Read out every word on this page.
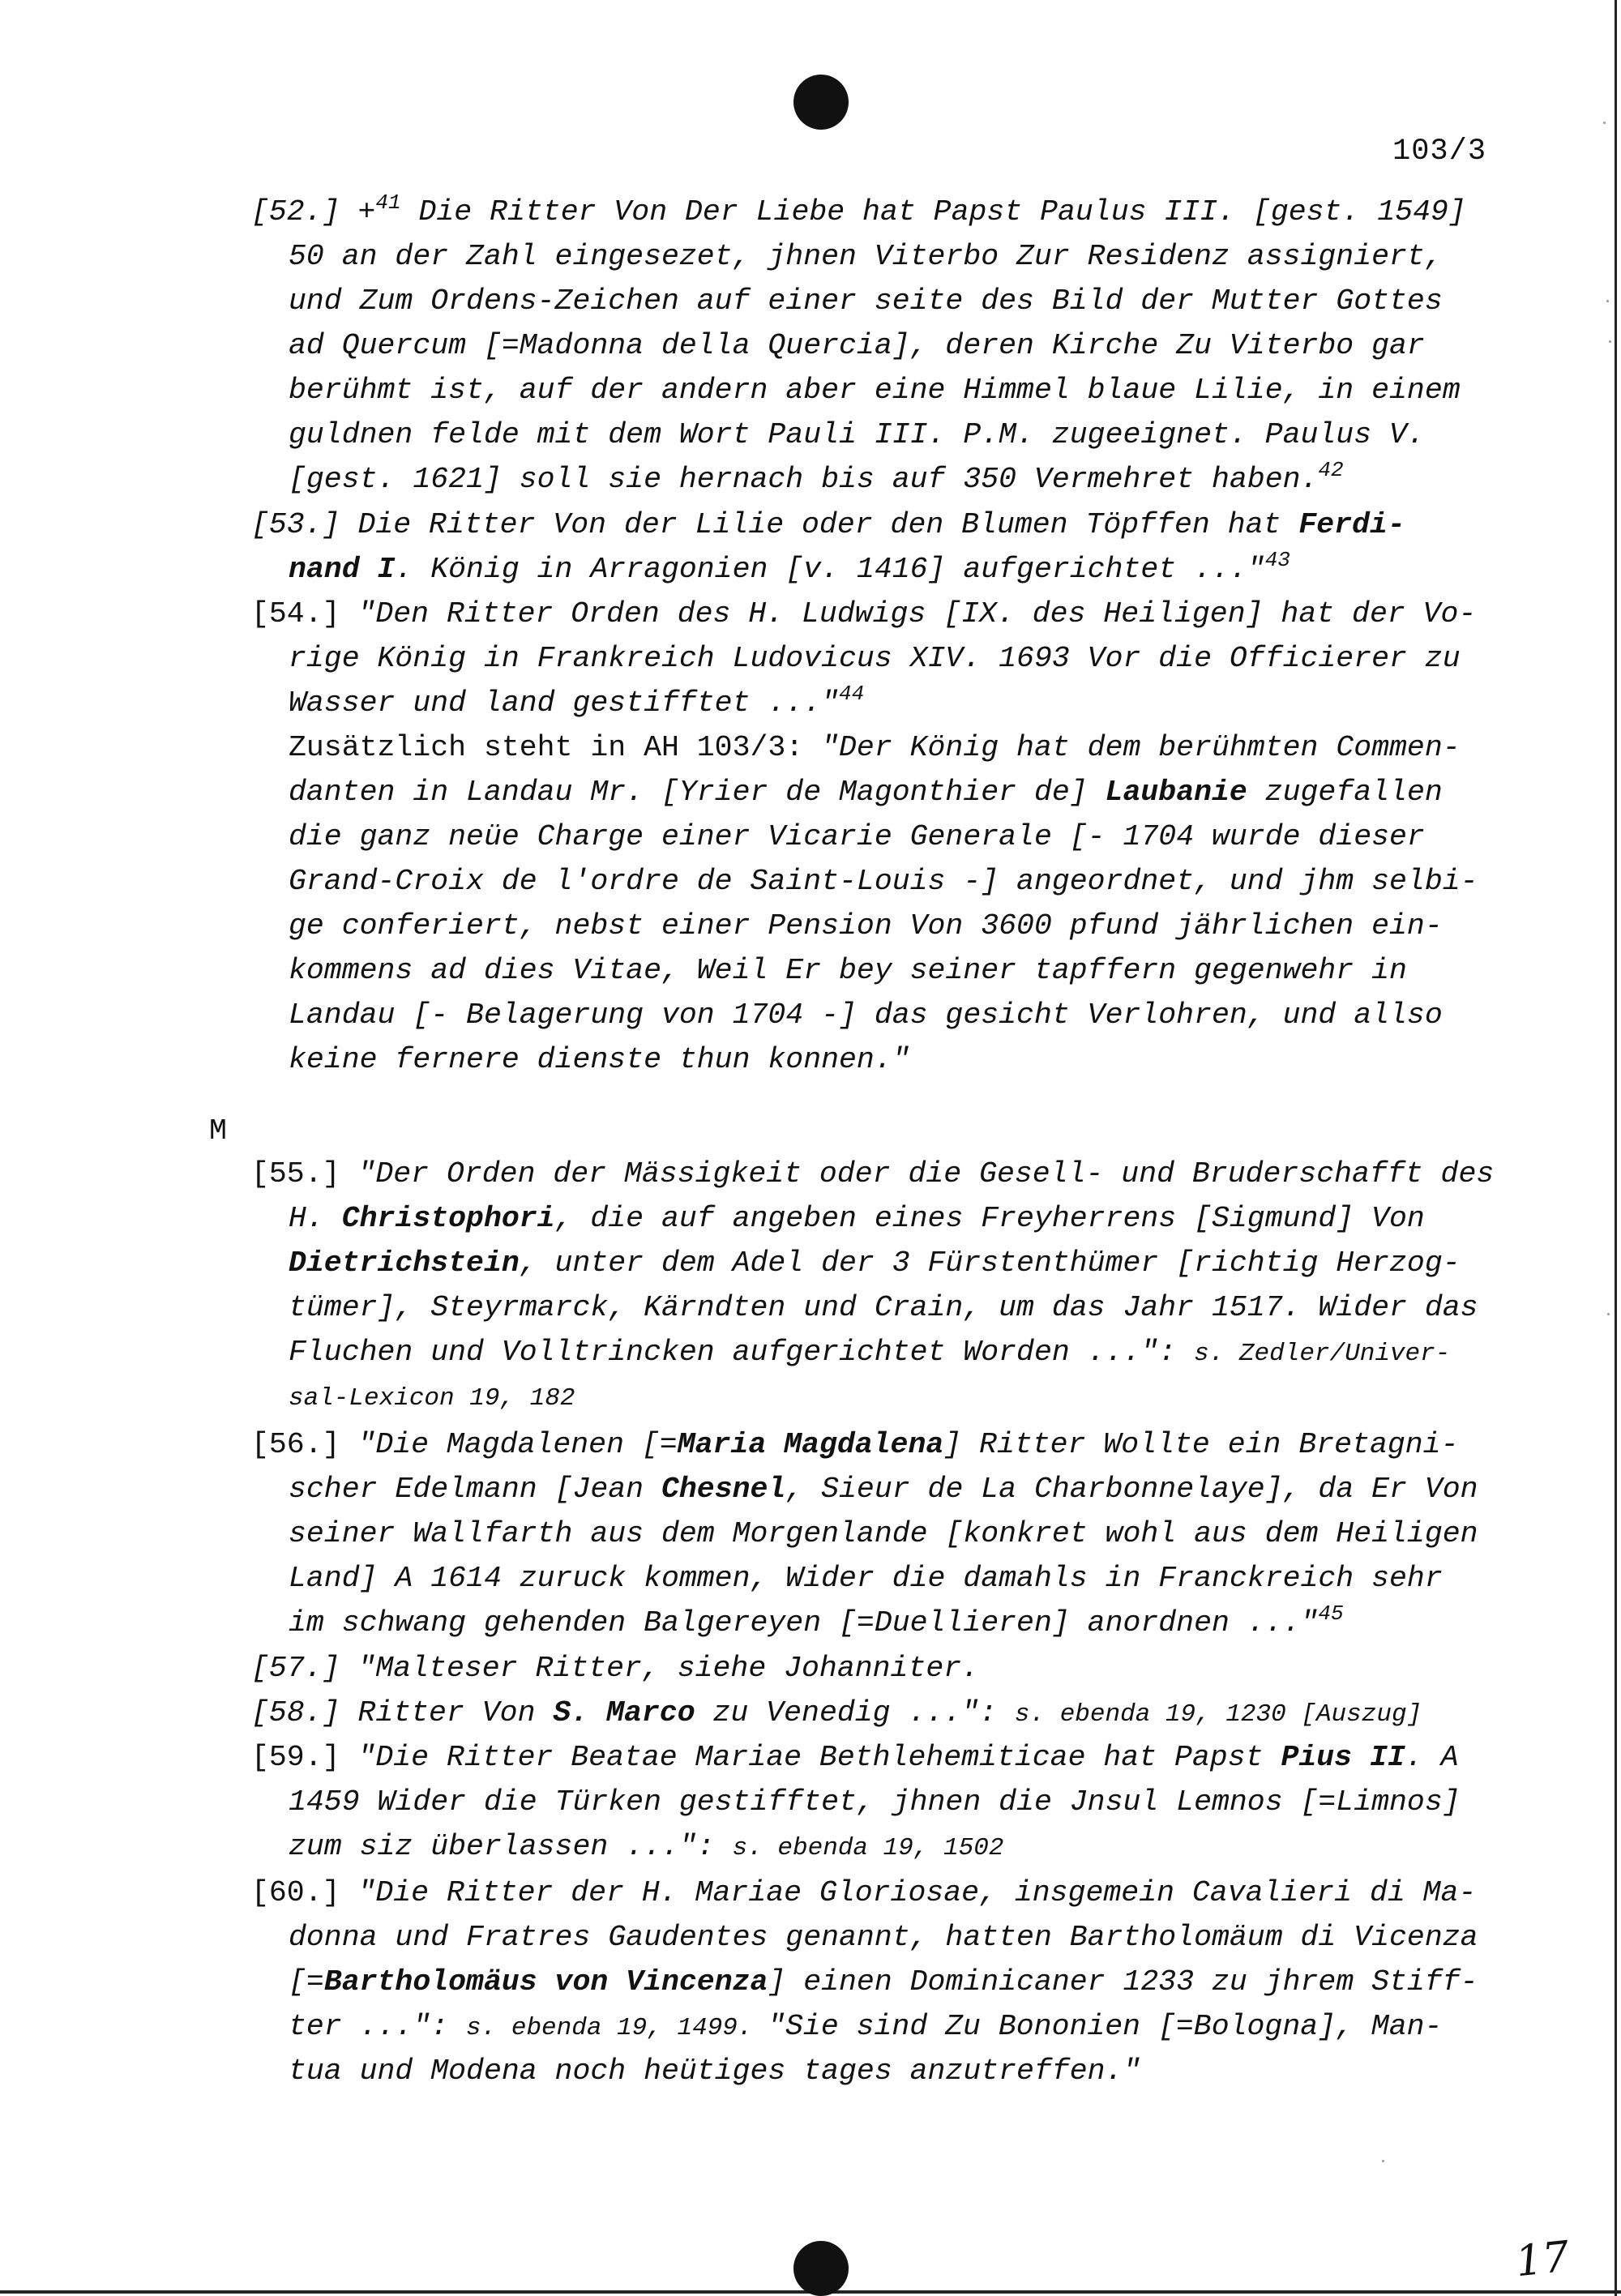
103/3
[52.] +$^{41}$ Die Ritter Von Der Liebe hat Papst Paulus III. [gest. 1549]
50 an der Zahl eingesezet, jhnen Viterbo Zur Residenz assigniert,
und Zum Ordens-Zeichen auf einer seite des Bild der Mutter Gottes
ad Quercum [=Madonna della Quercia], deren Kirche Zu Viterbo gar
berühmt ist, auf der andern aber eine Himmel blaue Lilie, in einem
guldnen felde mit dem Wort Pauli III. P.M. zugeeignet. Paulus V.
[gest. 1621] soll sie hernach bis auf 350 Vermehret haben.$^{42}$
[53.] Die Ritter Von der Lilie oder den Blumen Töpffen hat Ferdi-
nand I. König in Arragonien [v. 1416] aufgerichtet ..."$^{43}$
[54.] "Den Ritter Orden des H. Ludwigs [IX. des Heiligen] hat der Vo-
rige König in Frankreich Ludovicus XIV. 1693 Vor die Officierer zu
Wasser und land gestifftet ..."$^{44}$
Zusätzlich steht in AH 103/3: "Der König hat dem berühmten Commen-
danten in Landau Mr. [Yrier de Magonthier de] Laubanie zugefallen
die ganz neüe Charge einer Vicarie Generale [- 1704 wurde dieser
Grand-Croix de l'ordre de Saint-Louis -] angeordnet, und jhm selbi-
ge conferiert, nebst einer Pension Von 3600 pfund jährlichen ein-
kommens ad dies Vitae, Weil Er bey seiner tapffern gegenwehr in
Landau [- Belagerung von 1704 -] das gesicht Verlohren, und allso
keine fernere dienste thun konnen."
M
[55.] "Der Orden der Mässigkeit oder die Gesell- und Bruderschafft des
H. Christophori, die auf angeben eines Freyherrens [Sigmund] Von
Dietrichstein, unter dem Adel der 3 Fürstenthümer [richtig Herzog-
tümer], Steyrmarck, Kärndten und Crain, um das Jahr 1517. Wider das
Fluchen und Volltrincken aufgerichtet Worden ...": s. Zedler/Univer-
sal-Lexicon 19, 182
[56.] "Die Magdalenen [=Maria Magdalena] Ritter Wollte ein Bretagni-
scher Edelmann [Jean Chesnel, Sieur de La Charbonnelaye], da Er Von
seiner Wallfarth aus dem Morgenlande [konkret wohl aus dem Heiligen
Land] A 1614 zuruck kommen, Wider die damahls in Franckreich sehr
im schwang gehenden Balgereyen [=Duellieren] anordnen ..."$^{45}$
[57.] "Malteser Ritter, siehe Johanniter.
[58.] Ritter Von S. Marco zu Venedig ...": s. ebenda 19, 1230 [Auszug]
[59.] "Die Ritter Beatae Mariae Bethlehemiticae hat Papst Pius II. A
1459 Wider die Türken gestifftet, jhnen die Jnsul Lemnos [=Limnos]
zum siz überlassen ...": s. ebenda 19, 1502
[60.] "Die Ritter der H. Mariae Gloriosae, insgemein Cavalieri di Ma-
donna und Fratres Gaudentes genannt, hatten Bartholomäum di Vicenza
[=Bartholomäus von Vincenza] einen Dominicaner 1233 zu jhrem Stiff-
ter ...": s. ebenda 19, 1499. "Sie sind Zu Bononien [=Bologna], Man-
tua und Modena noch heütiges tages anzutreffen."
17
